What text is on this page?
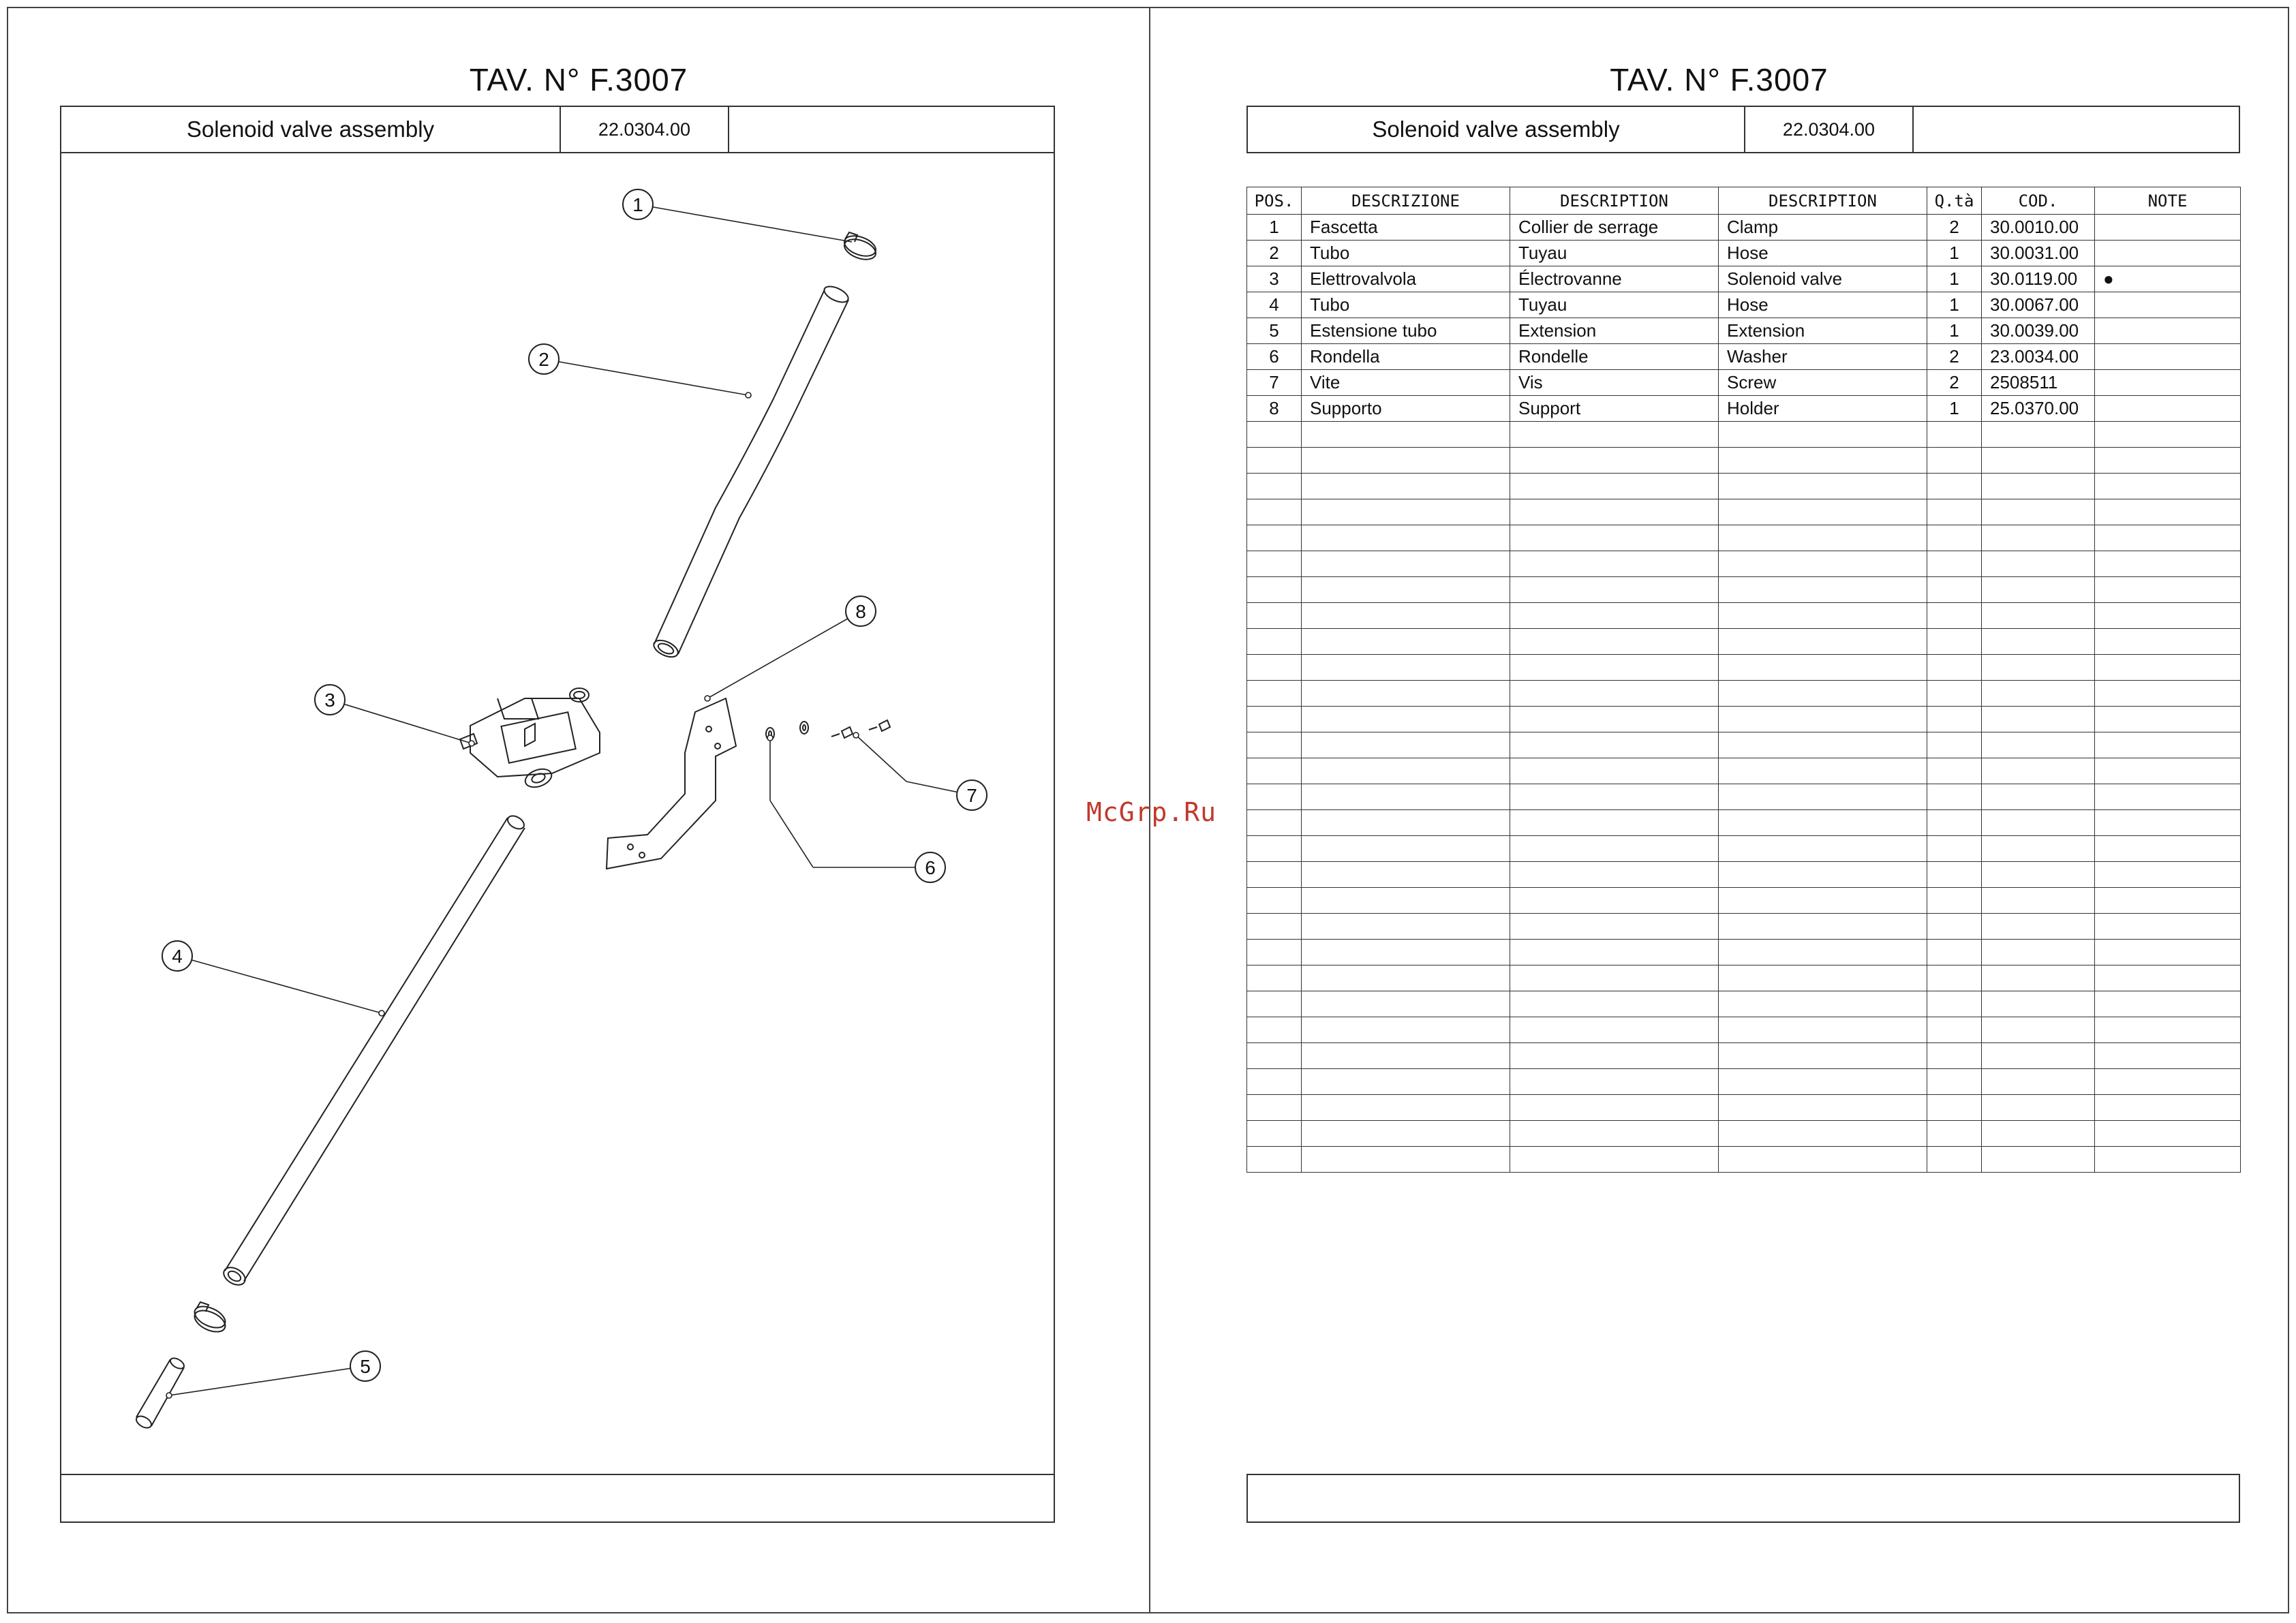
TAV. N° F.3007
Solenoid valve assembly	22.0304.00
1
2
3
4
5
6
7
8
TAV. N° F.3007
Solenoid valve assembly	22.0304.00
POS.	DESCRIZIONE	DESCRIPTION	DESCRIPTION	Q.tà	COD.	NOTE
1	Fascetta	Collier de serrage	Clamp	2	30.0010.00	
2	Tubo	Tuyau	Hose	1	30.0031.00	
3	Elettrovalvola	Électrovanne	Solenoid valve	1	30.0119.00	●
4	Tubo	Tuyau	Hose	1	30.0067.00	
5	Estensione tubo	Extension	Extension	1	30.0039.00	
6	Rondella	Rondelle	Washer	2	23.0034.00	
7	Vite	Vis	Screw	2	2508511	
8	Supporto	Support	Holder	1	25.0370.00	

McGrp.Ru
